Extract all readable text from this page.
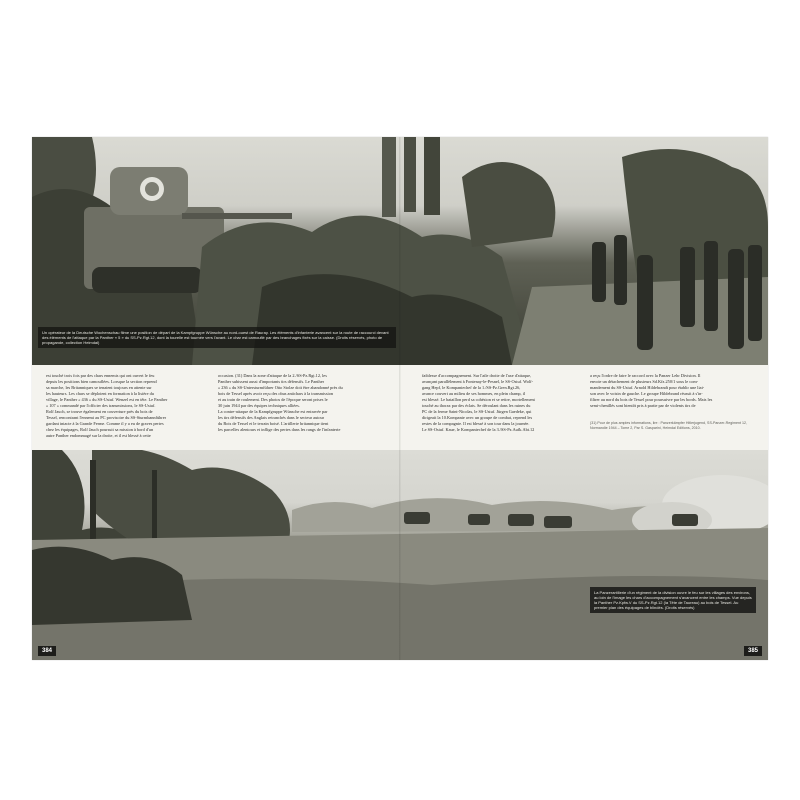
Un opérateur de la Deutsche Wochenschau filme une position de départ de la Kampfgruppe Wünsche au nord-ouest de Rauray. Les éléments d'infanterie avancent sur la route de raccourci devant des éléments de l'attaque par la Panther « 5 » du SS-Pz.Rgt.12, dont la tourelle est tournée vers l'avant. Le char est camouflé par des branchages fixés sur la caisse. (Droits réservés, photo de propagande, collection Heimdal)
est touché trois fois par des chars ennemis qui ont ouvert le feu
depuis les positions bien camouflées. Lorsque la section reprend
sa marche, les Britanniques se tenaient toujours en attente sur
les hauteurs. Les chars se déploient en formation à la lisière du
village, le Panther « 436 » du SS-Ustuf. Wenzel est en tête. Le Panther
« 107 » commandé par l'officier des transmissions, le SS-Ustuf.
Rolf Jauch, se trouve également en couverture près du bois de
Tessel, rencontrant l'ennemi au PC provisoire du SS-Sturmbannführer
gardant intacte à la Grande Ferme. Comme il y a eu de graves pertes
chez les équipages, Rolf Jauch poursuit sa mission à bord d'un
autre Panther endommagé sur la droite, et il est blessé à cette
occasion. (31) Dans la zone d'attaque de la 2./SS-Pz.Rgt.12, les
Panther subissent aussi d'importants tirs défensifs. Le Panther
« 236 » du SS-Untersturmführer Otto Stolze doit être abandonné près du
bois de Tessel après avoir reçu des obus antichars à la transmission
et au train de roulement. Des photos de l'époque seront prises le
30 juin 1944 par des équipes techniques alliées.
La contre-attaque de la Kampfgruppe Wünsche est entravée par
les tirs défensifs des Anglais retranchés dans le secteur autour
du Bois de Tessel et le terrain boisé. L'artillerie britannique tient
les parcelles alentours et inflige des pertes dans les rangs de l'infanterie
faiblesse d'accompagnement. Sur l'aile droite de l'axe d'attaque,
avançant parallèlement à Fontenay-le-Pesnel, le SS-Ostuf. Wolf-
gang Hepf, le Kompaniechef de la 1./SS-Pz.Gren.Rgt.26,
avance couvert au milieu de ses hommes, en plein champ, il
est blessé. Le bataillon perd sa cohésion et se retire, mortellement
touché au thorax par des éclats. Se déroulant dans les ruines du
PC de la ferme Saint-Nicolas, le SS-Ustuf. Jürgen Gaedeke, qui
dirigeait la 10.Kompanie avec un groupe de combat, reprend les
restes de la compagnie. Il est blessé à son tour dans la journée.
Le SS-Ostuf. Kaue, le Kompaniechef de la 3./SS-Pz.Aufk.Abt.12
a reçu l'ordre de faire le raccord avec la Panzer Lehr Division. Il
envoie un détachement de plusieurs Sd.Kfz.250/1 sous le com-
mandement du SS-Ustuf. Arnold Hildebrandt pour établir une liai-
son avec le voisin de gauche. Le groupe Hildebrand réussit à s'in-
filtrer au nord du bois de Tessel pour poursuivre par les bords. Mais les
semi-chenillés sont bientôt pris à partie par de violents tirs de
(31) Pour de plus amples informations, lire : Panzerkämpfer Hitlerjugend, SS-Panzer-Regiment 12, Normandie 1944 – Tome 2, Par S. Gasparini, Heimdal Editions, 2010.
La Panzerartillerie d'un régiment de la division ouvre le feu sur les villages des environs, au loin de l'image les chars d'accompagnement s'avancent entre les champs. Vue depuis la Panther Pz.Kpfw.V du SS-Pz.Rgt.12 (la Tête de Taureau) au bois de Tessel. Au premier plan des équipages de blindés. (Droits réservés)
384	385
